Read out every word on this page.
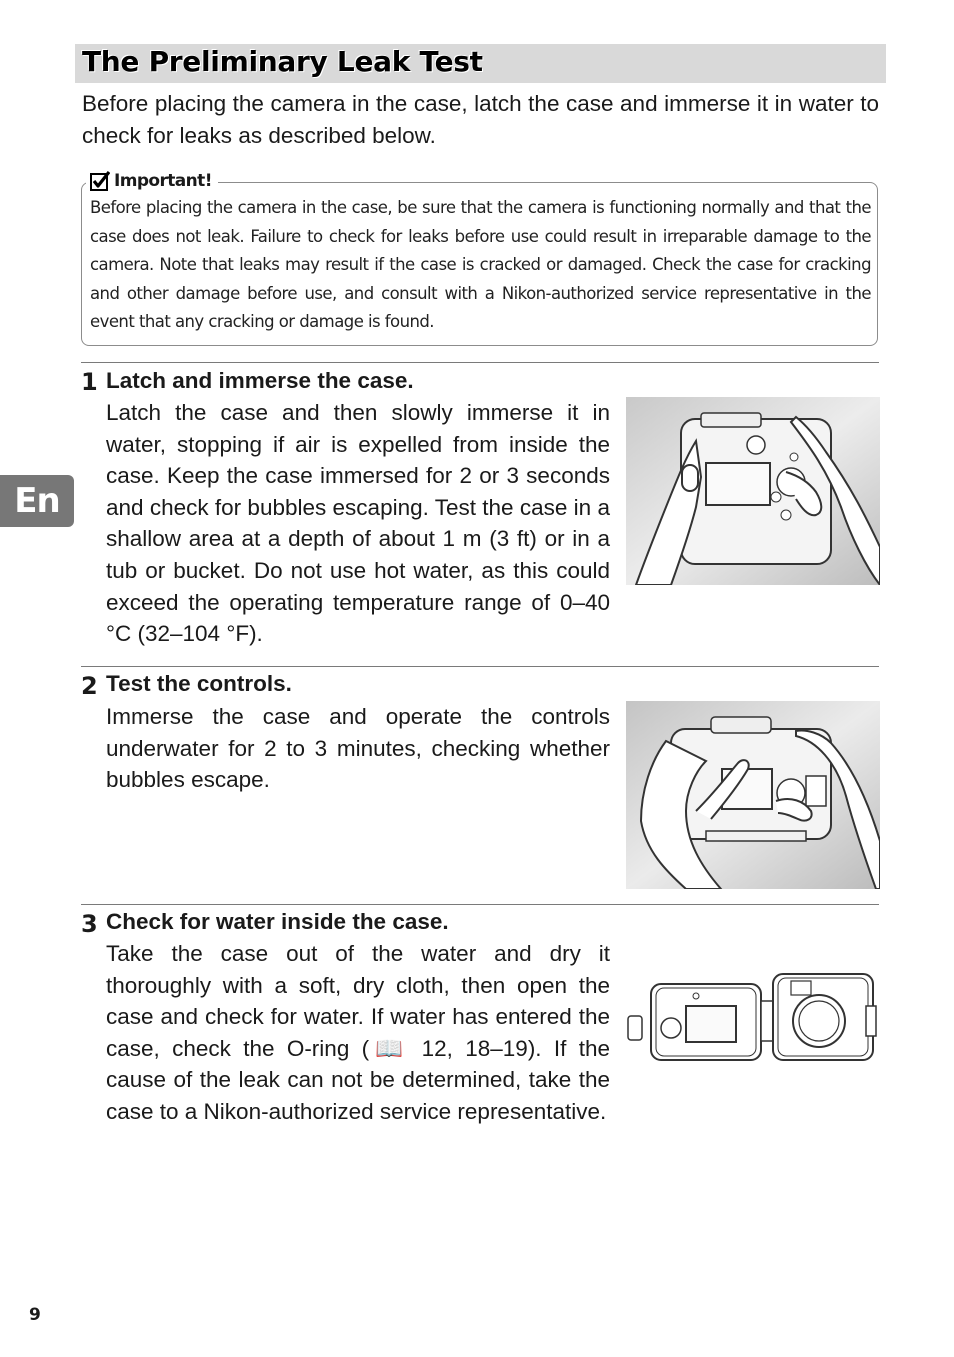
The Preliminary Leak Test

Before placing the camera in the case, latch the case and immerse it in water to check for leaks as described below.

Important!

Before placing the camera in the case, be sure that the camera is functioning normally and that the case does not leak. Failure to check for leaks before use could result in irreparable damage to the camera. Note that leaks may result if the case is cracked or damaged. Check the case for cracking and other damage before use, and consult with a Nikon-authorized service representative in the event that any cracking or damage is found.

1 Latch and immerse the case.

Latch the case and then slowly immerse it in water, stopping if air is expelled from inside the case. Keep the case immersed for 2 or 3 seconds and check for bubbles escaping. Test the case in a shallow area at a depth of about 1 m (3 ft) or in a tub or bucket. Do not use hot water, as this could exceed the operating temperature range of 0–40 °C (32–104 °F).

2 Test the controls.

Immerse the case and operate the controls underwater for 2 to 3 minutes, checking whether bubbles escape.

3 Check for water inside the case.

Take the case out of the water and dry it thoroughly with a soft, dry cloth, then open the case and check for water. If water has entered the case, check the O-ring (📖 12, 18–19). If the cause of the leak can not be determined, take the case to a Nikon-authorized service representative.

En
9
